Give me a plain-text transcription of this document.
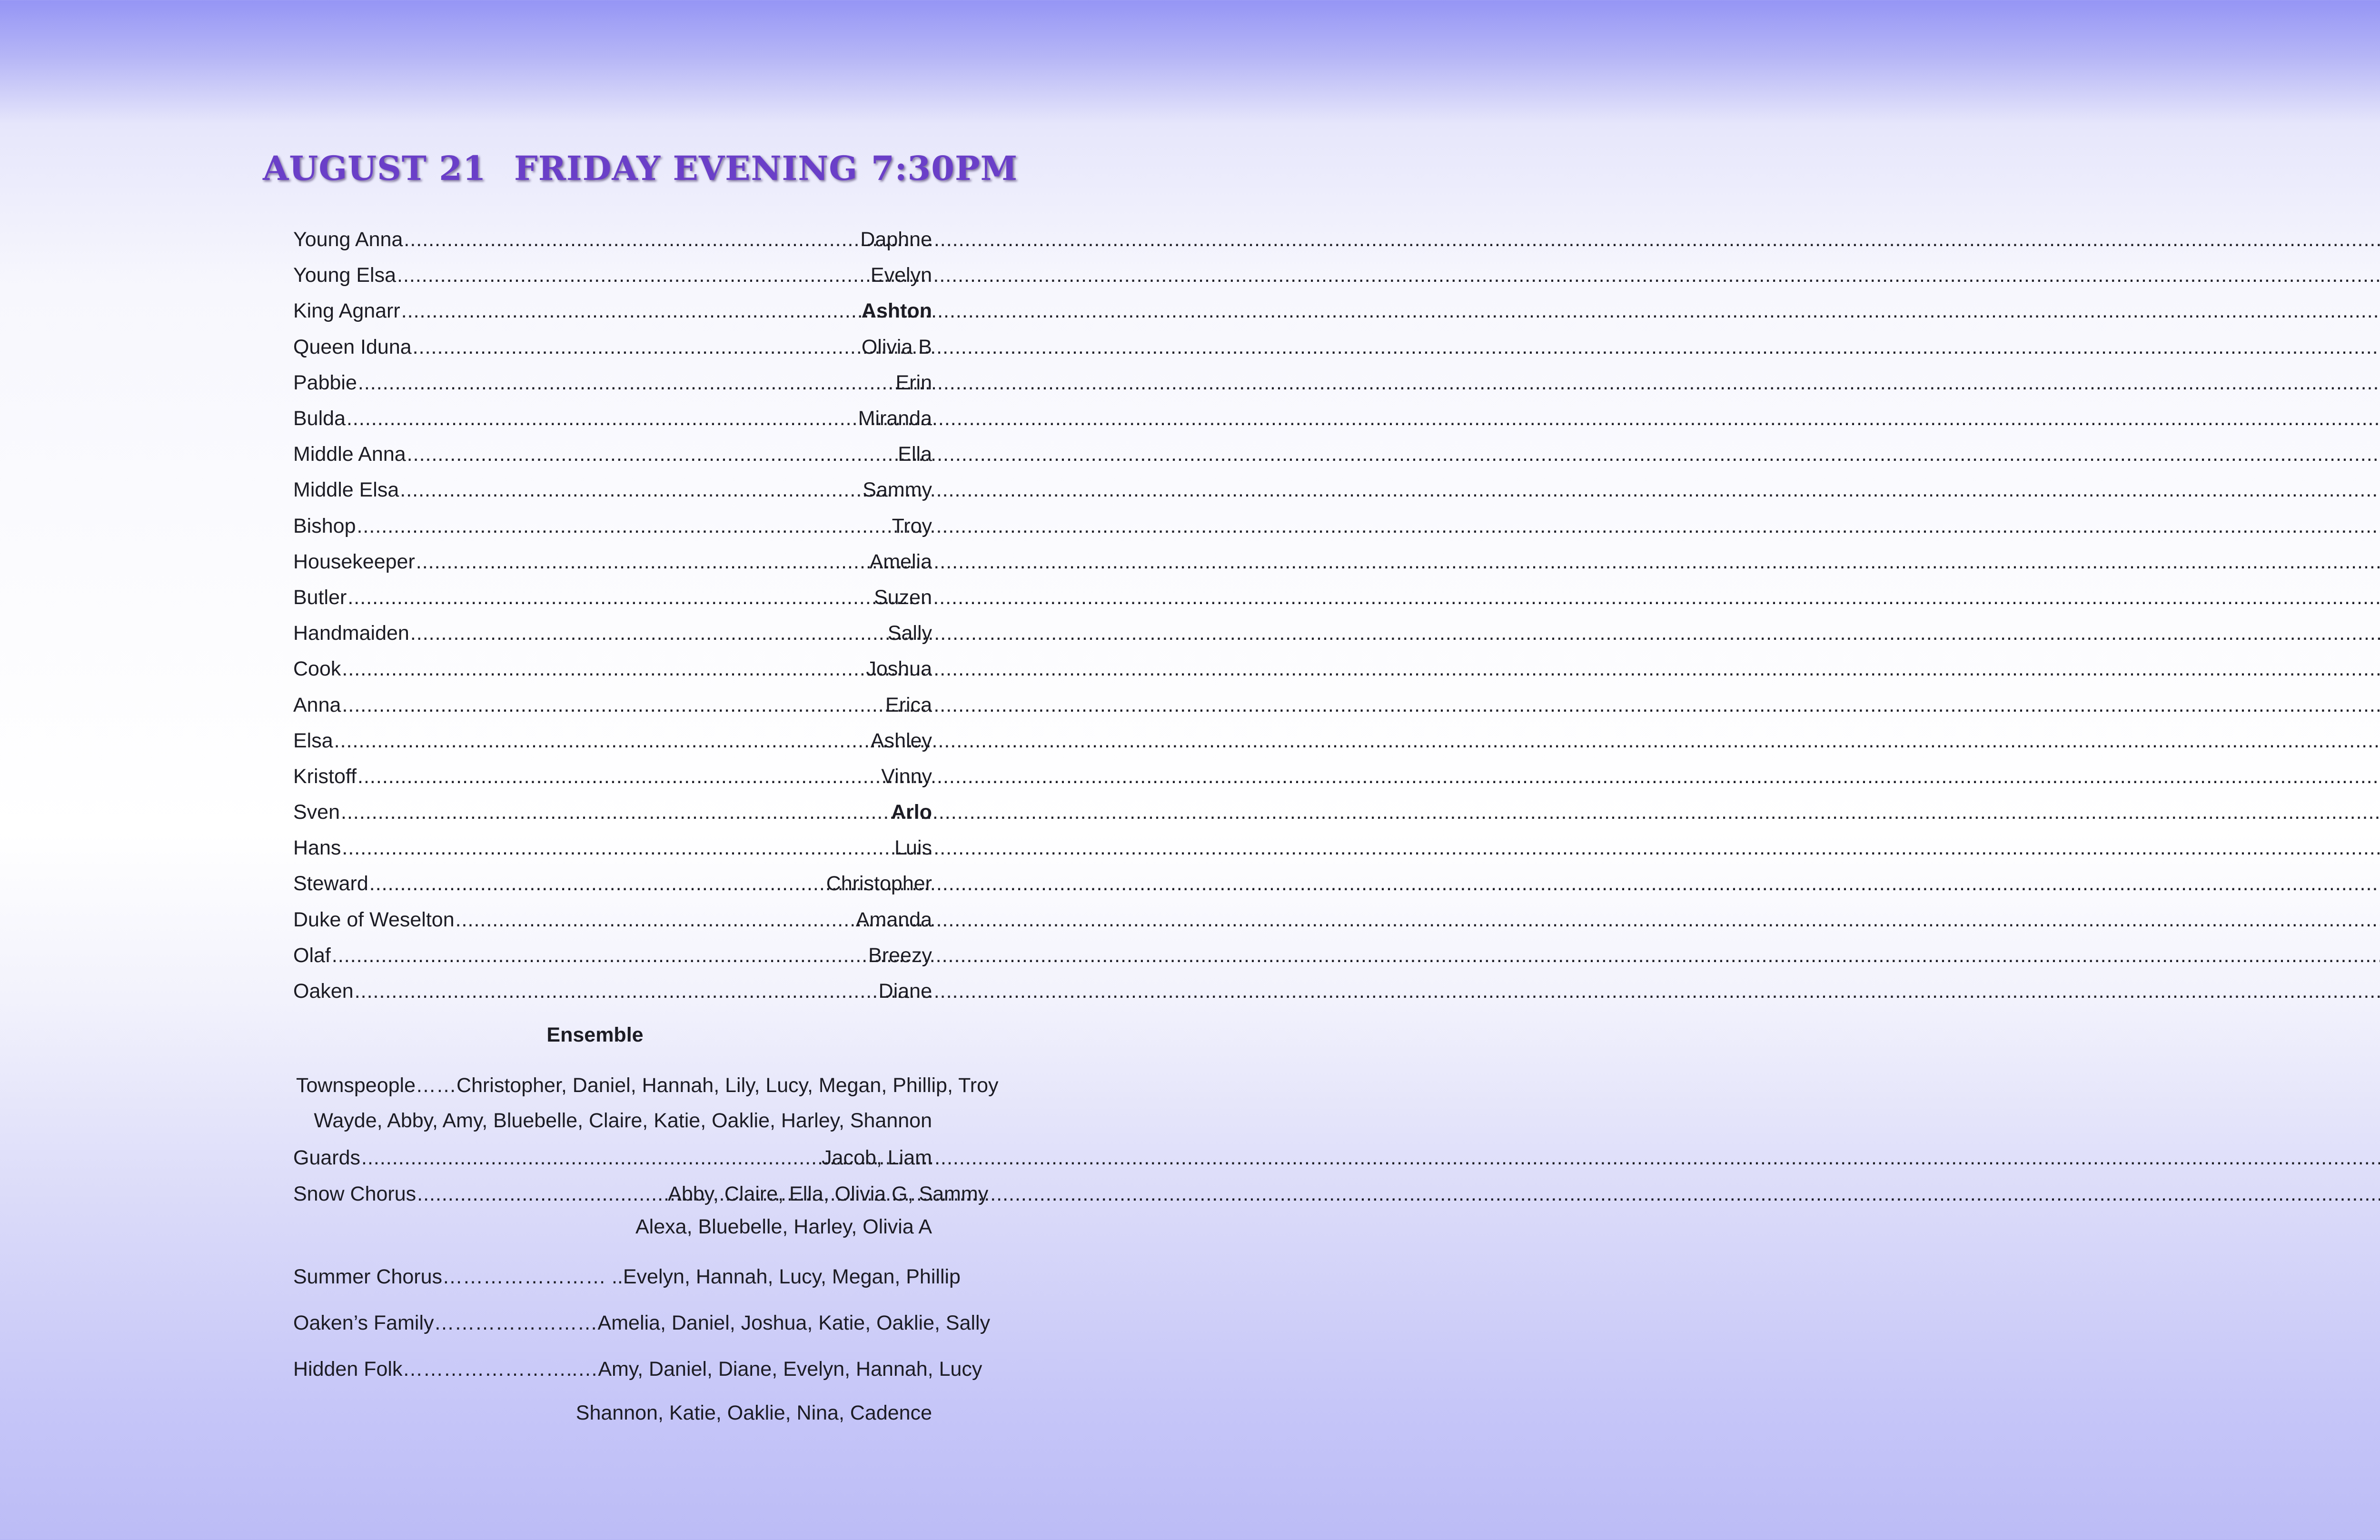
AUGUST 21 FRIDAY EVENING 7:30PM
Young Anna .....	Daphne
Young Elsa .....	Evelyn
King Agnarr .....	Ashton
Queen Iduna .....	Olivia B
Pabbie .....	Erin
Bulda .....	Miranda
Middle Anna .....	Ella
Middle Elsa .....	Sammy
Bishop .....	Troy
Housekeeper .....	Amelia
Butler .....	Suzen
Handmaiden .....	Sally
Cook .....	Joshua
Anna .....	Erica
Elsa .....	Ashley
Kristoff .....	Vinny
Sven .....	Arlo
Hans .....	Luis
Steward .....	Christopher
Duke of Weselton .....	Amanda
Olaf .....	Breezy
Oaken .....	Diane
Ensemble
Townspeople…… Christopher, Daniel, Hannah, Lily, Lucy, Megan, Phillip, Troy
Wayde, Abby, Amy, Bluebelle, Claire, Katie, Oaklie, Harley, Shannon
Guards .....	Jacob, Liam
Snow Chorus .....	Abby, Claire, Ella, Olivia G, Sammy
Alexa, Bluebelle, Harley, Olivia A
Summer Chorus …………………… .. Evelyn, Hannah, Lucy, Megan, Phillip
Oaken’s Family …………………… Amelia, Daniel, Joshua, Katie, Oaklie, Sally
Hidden Folk ……………………..… Amy, Daniel, Diane, Evelyn, Hannah, Lucy
Shannon, Katie, Oaklie, Nina, Cadence
